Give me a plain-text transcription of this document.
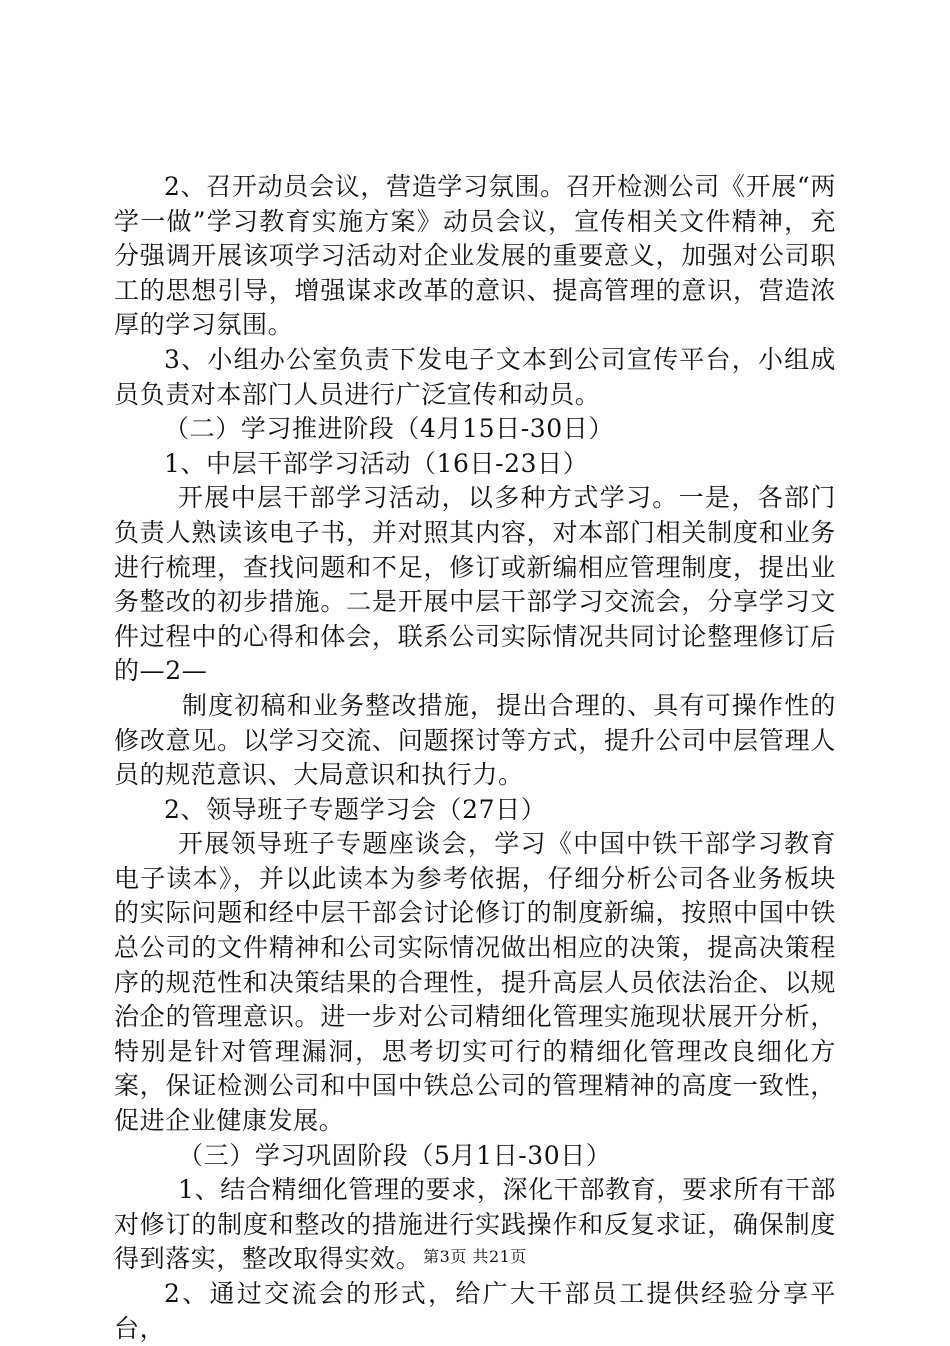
2、召开动员会议，营造学习氛围。召开检测公司《开展“两学一做”学习教育实施方案》动员会议，宣传相关文件精神，充分强调开展该项学习活动对企业发展的重要意义，加强对公司职工的思想引导，增强谋求改革的意识、提高管理的意识，营造浓厚的学习氛围。

3、小组办公室负责下发电子文本到公司宣传平台，小组成员负责对本部门人员进行广泛宣传和动员。

（二）学习推进阶段（4月15日-30日）

1、中层干部学习活动（16日-23日）

开展中层干部学习活动，以多种方式学习。一是，各部门负责人熟读该电子书，并对照其内容，对本部门相关制度和业务进行梳理，查找问题和不足，修订或新编相应管理制度，提出业务整改的初步措施。二是开展中层干部学习交流会，分享学习文件过程中的心得和体会，联系公司实际情况共同讨论整理修订后的—2—

制度初稿和业务整改措施，提出合理的、具有可操作性的修改意见。以学习交流、问题探讨等方式，提升公司中层管理人员的规范意识、大局意识和执行力。

2、领导班子专题学习会（27日）

开展领导班子专题座谈会，学习《中国中铁干部学习教育电子读本》，并以此读本为参考依据，仔细分析公司各业务板块的实际问题和经中层干部会讨论修订的制度新编，按照中国中铁总公司的文件精神和公司实际情况做出相应的决策，提高决策程序的规范性和决策结果的合理性，提升高层人员依法治企、以规治企的管理意识。进一步对公司精细化管理实施现状展开分析，特别是针对管理漏洞，思考切实可行的精细化管理改良细化方案，保证检测公司和中国中铁总公司的管理精神的高度一致性，促进企业健康发展。

（三）学习巩固阶段（5月1日-30日）

1、结合精细化管理的要求，深化干部教育，要求所有干部对修订的制度和整改的措施进行实践操作和反复求证，确保制度得到落实，整改取得实效。

2、通过交流会的形式，给广大干部员工提供经验分享平台，

第3页 共21页
